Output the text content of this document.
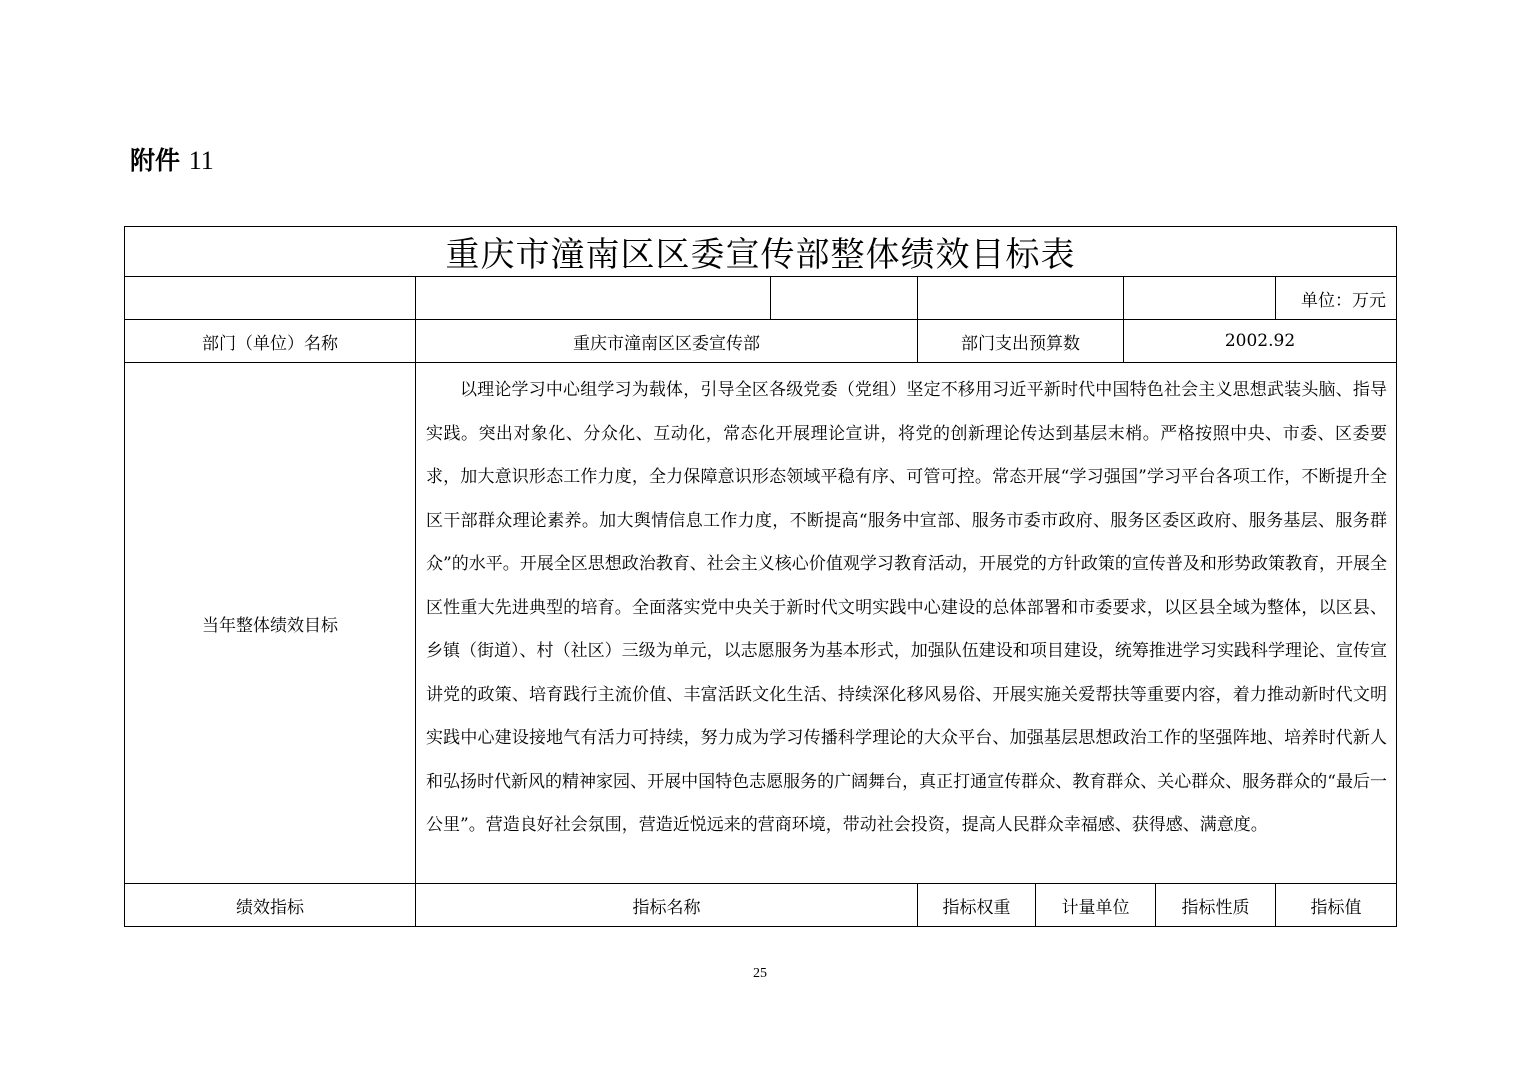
附件 11
重庆市潼南区区委宣传部整体绩效目标表							
							单位：万元
部门（单位）名称	重庆市潼南区区委宣传部		部门支出预算数		2002.92		
当年整体绩效目标	以理论学习中心组学习为载体，引导全区各级党委（党组）坚定不移用习近平新时代中国特色社会主义思想武装头脑、指导实践。突出对象化、分众化、互动化，常态化开展理论宣讲，将党的创新理论传达到基层末梢。严格按照中央、市委、区委要求，加大意识形态工作力度，全力保障意识形态领域平稳有序、可管可控。常态开展“学习强国”学习平台各项工作，不断提升全区干部群众理论素养。加大舆情信息工作力度，不断提高“服务中宣部、服务市委市政府、服务区委区政府、服务基层、服务群众”的水平。开展全区思想政治教育、社会主义核心价值观学习教育活动，开展党的方针政策的宣传普及和形势政策教育，开展全区性重大先进典型的培育。全面落实党中央关于新时代文明实践中心建设的总体部署和市委要求，以区县全域为整体，以区县、乡镇（街道）、村（社区）三级为单元，以志愿服务为基本形式，加强队伍建设和项目建设，统筹推进学习实践科学理论、宣传宣讲党的政策、培育践行主流价值、丰富活跃文化生活、持续深化移风易俗、开展实施关爱帮扶等重要内容，着力推动新时代文明实践中心建设接地气有活力可持续，努力成为学习传播科学理论的大众平台、加强基层思想政治工作的坚强阵地、培养时代新人和弘扬时代新风的精神家园、开展中国特色志愿服务的广阔舞台，真正打通宣传群众、教育群众、关心群众、服务群众的“最后一公里”。营造良好社会氛围，营造近悦远来的营商环境，带动社会投资，提高人民群众幸福感、获得感、满意度。						
绩效指标	指标名称		指标权重	计量单位		指标性质	指标值
25
